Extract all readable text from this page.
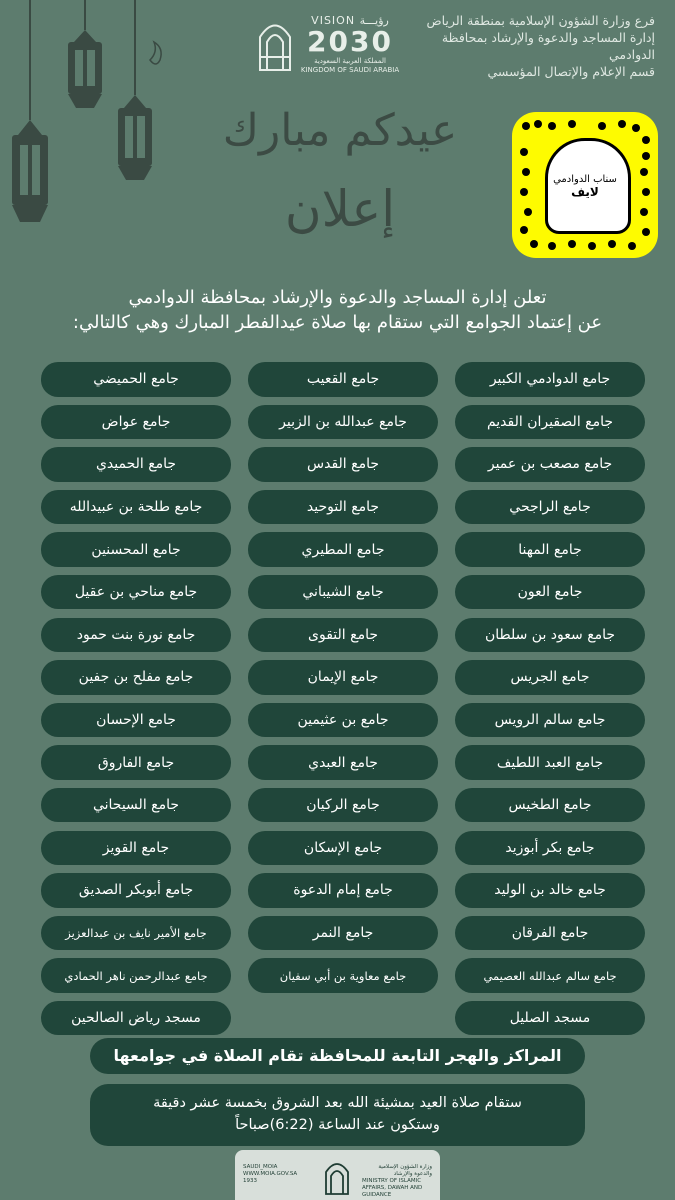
VISION رؤيـــة
2030
المملكة العربية السعودية
KINGDOM OF SAUDI ARABIA
فرع وزارة الشؤون الإسلامية بمنطقة الرياض
إدارة المساجد والدعوة والإرشاد بمحافظة الدوادمي
قسم الإعلام والإتصال المؤسسي
عيدكم مبارك
إعلان
سناب الدوادمي
لايف
تعلن إدارة المساجد والدعوة والإرشاد بمحافظة الدوادمي
عن إعتماد الجوامع التي ستقام بها صلاة عيدالفطر المبارك وهي كالتالي:
جامع الدوادمي الكبير
جامع القعيب
جامع الحميضي
جامع الصقيران القديم
جامع عبدالله بن الزبير
جامع عواض
جامع مصعب بن عمير
جامع القدس
جامع الحميدي
جامع الراجحي
جامع التوحيد
جامع طلحة بن عبيدالله
جامع المهنا
جامع المطيري
جامع المحسنين
جامع العون
جامع الشيباني
جامع مناحي بن عقيل
جامع سعود بن سلطان
جامع التقوى
جامع نورة بنت حمود
جامع الجريس
جامع الإيمان
جامع مفلح بن جفين
جامع سالم الرويس
جامع بن عثيمين
جامع الإحسان
جامع العبد اللطيف
جامع العبدي
جامع الفاروق
جامع الطخيس
جامع الركيان
جامع السيحاني
جامع بكر أبوزيد
جامع الإسكان
جامع القويز
جامع خالد بن الوليد
جامع إمام الدعوة
جامع أبوبكر الصديق
جامع الفرقان
جامع النمر
جامع الأمير نايف بن عبدالعزيز
جامع سالم عبدالله العصيمي
جامع معاوية بن أبي سفيان
جامع عبدالرحمن ناهر الحمادي
مسجد الصليل
مسجد رياض الصالحين
المراكز والهجر التابعة للمحافظة تقام الصلاة في جوامعها
ستقام صلاة العيد بمشيئة الله بعد الشروق بخمسة عشر دقيقة
وستكون عند الساعة (6:22)صباحاً
SAUDI_MOIA
WWW.MOIA.GOV.SA
1933
وزارة الشؤون الإسلامية والدعوة والإرشاد
MINISTRY OF ISLAMIC AFFAIRS, DAWAH AND GUIDANCE
